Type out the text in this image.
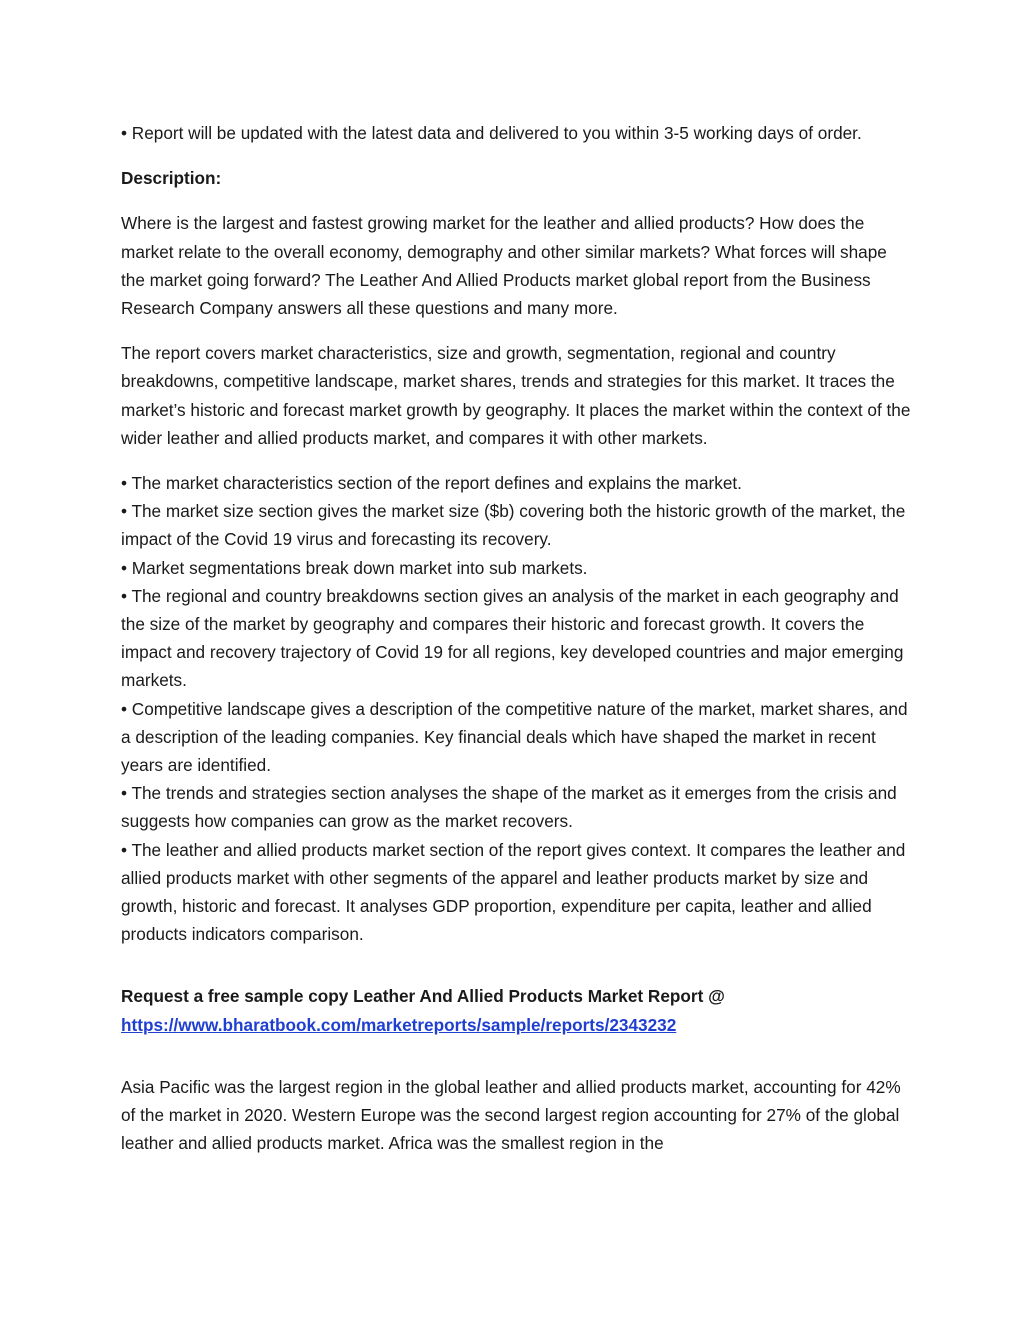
• Report will be updated with the latest data and delivered to you within 3-5 working days of order.

Description:

Where is the largest and fastest growing market for the leather and allied products? How does the market relate to the overall economy, demography and other similar markets? What forces will shape the market going forward? The Leather And Allied Products market global report from the Business Research Company answers all these questions and many more.

The report covers market characteristics, size and growth, segmentation, regional and country breakdowns, competitive landscape, market shares, trends and strategies for this market. It traces the market’s historic and forecast market growth by geography. It places the market within the context of the wider leather and allied products market, and compares it with other markets.

• The market characteristics section of the report defines and explains the market.

• The market size section gives the market size ($b) covering both the historic growth of the market, the impact of the Covid 19 virus and forecasting its recovery.

• Market segmentations break down market into sub markets.

• The regional and country breakdowns section gives an analysis of the market in each geography and the size of the market by geography and compares their historic and forecast growth. It covers the impact and recovery trajectory of Covid 19 for all regions, key developed countries and major emerging markets.

• Competitive landscape gives a description of the competitive nature of the market, market shares, and a description of the leading companies. Key financial deals which have shaped the market in recent years are identified.

• The trends and strategies section analyses the shape of the market as it emerges from the crisis and suggests how companies can grow as the market recovers.

• The leather and allied products market section of the report gives context. It compares the leather and allied products market with other segments of the apparel and leather products market by size and growth, historic and forecast. It analyses GDP proportion, expenditure per capita, leather and allied products indicators comparison.

Request a free sample copy Leather And Allied Products Market Report @

https://www.bharatbook.com/marketreports/sample/reports/2343232

Asia Pacific was the largest region in the global leather and allied products market, accounting for 42% of the market in 2020. Western Europe was the second largest region accounting for 27% of the global leather and allied products market. Africa was the smallest region in the
